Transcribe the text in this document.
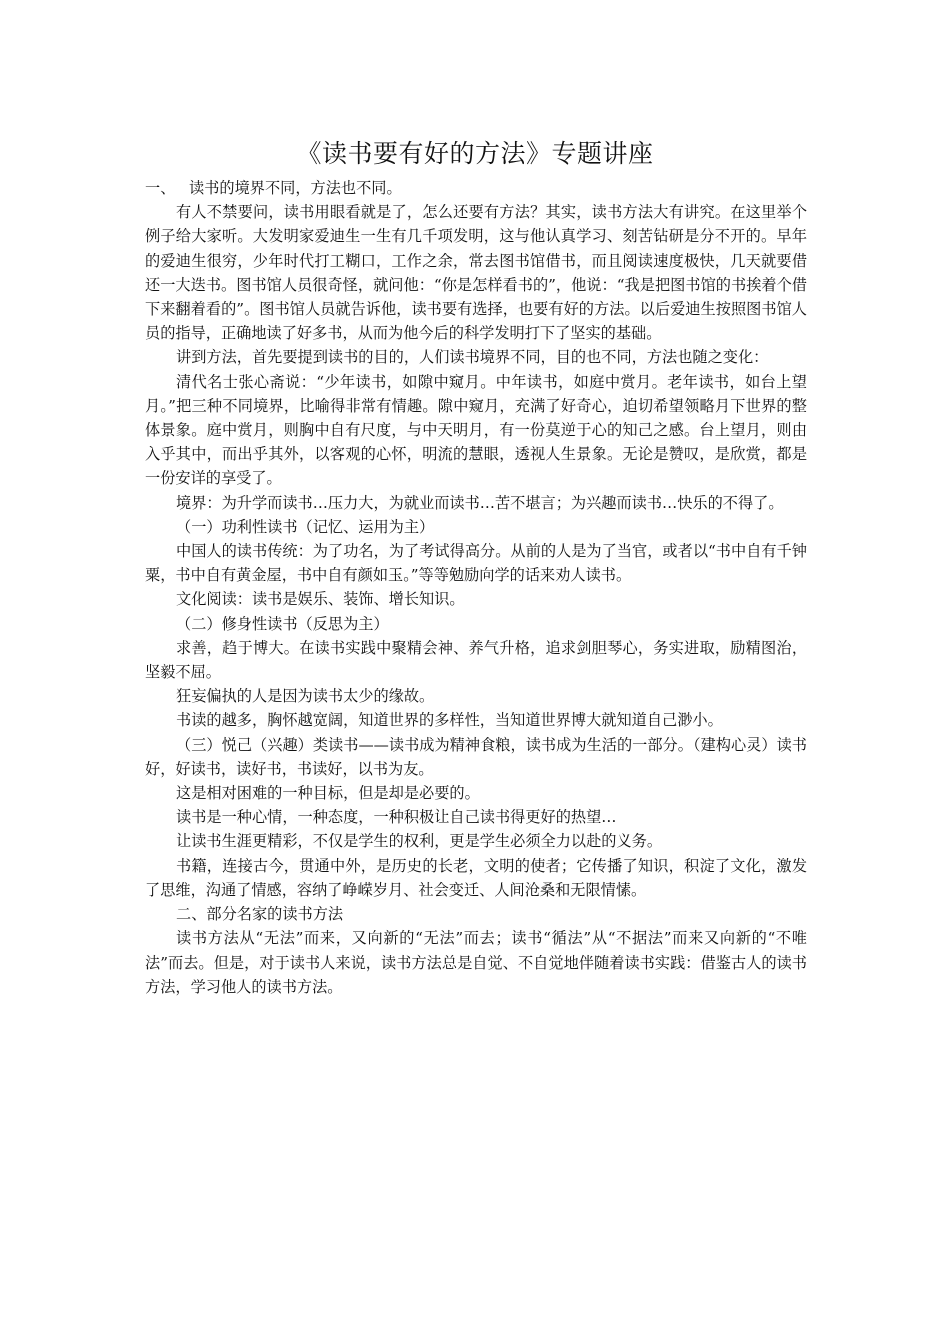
《读书要有好的方法》专题讲座

一、 读书的境界不同，方法也不同。

有人不禁要问，读书用眼看就是了，怎么还要有方法？其实，读书方法大有讲究。在这里举个例子给大家听。大发明家爱迪生一生有几千项发明，这与他认真学习、刻苦钻研是分不开的。早年的爱迪生很穷，少年时代打工糊口，工作之余，常去图书馆借书，而且阅读速度极快，几天就要借还一大迭书。图书馆人员很奇怪，就问他：“你是怎样看书的”，他说：“我是把图书馆的书挨着个借下来翻着看的”。图书馆人员就告诉他，读书要有选择，也要有好的方法。以后爱迪生按照图书馆人员的指导，正确地读了好多书，从而为他今后的科学发明打下了坚实的基础。

讲到方法，首先要提到读书的目的，人们读书境界不同，目的也不同，方法也随之变化：

清代名士张心斋说：“少年读书，如隙中窥月。中年读书，如庭中赏月。老年读书，如台上望月。”把三种不同境界，比喻得非常有情趣。隙中窥月，充满了好奇心，迫切希望领略月下世界的整体景象。庭中赏月，则胸中自有尺度，与中天明月，有一份莫逆于心的知己之感。台上望月，则由入乎其中，而出乎其外，以客观的心怀，明流的慧眼，透视人生景象。无论是赞叹，是欣赏，都是一份安详的享受了。

境界：为升学而读书…压力大，为就业而读书…苦不堪言；为兴趣而读书…快乐的不得了。

（一）功利性读书（记忆、运用为主）

中国人的读书传统：为了功名，为了考试得高分。从前的人是为了当官，或者以“书中自有千钟粟，书中自有黄金屋，书中自有颜如玉。”等等勉励向学的话来劝人读书。

文化阅读：读书是娱乐、装饰、增长知识。

（二）修身性读书（反思为主）

求善，趋于博大。在读书实践中聚精会神、养气升格，追求剑胆琴心，务实进取，励精图治，坚毅不屈。

狂妄偏执的人是因为读书太少的缘故。

书读的越多，胸怀越宽阔，知道世界的多样性，当知道世界博大就知道自己渺小。

（三）悦己（兴趣）类读书——读书成为精神食粮，读书成为生活的一部分。（建构心灵）读书好，好读书，读好书，书读好，以书为友。

这是相对困难的一种目标，但是却是必要的。

读书是一种心情，一种态度，一种积极让自己读书得更好的热望…

让读书生涯更精彩，不仅是学生的权利，更是学生必须全力以赴的义务。

书籍，连接古今，贯通中外，是历史的长老，文明的使者；它传播了知识，积淀了文化，激发了思维，沟通了情感，容纳了峥嵘岁月、社会变迁、人间沧桑和无限情愫。

二、部分名家的读书方法

读书方法从“无法”而来，又向新的“无法”而去；读书“循法”从“不据法”而来又向新的“不唯法”而去。但是，对于读书人来说，读书方法总是自觉、不自觉地伴随着读书实践：借鉴古人的读书方法，学习他人的读书方法。
